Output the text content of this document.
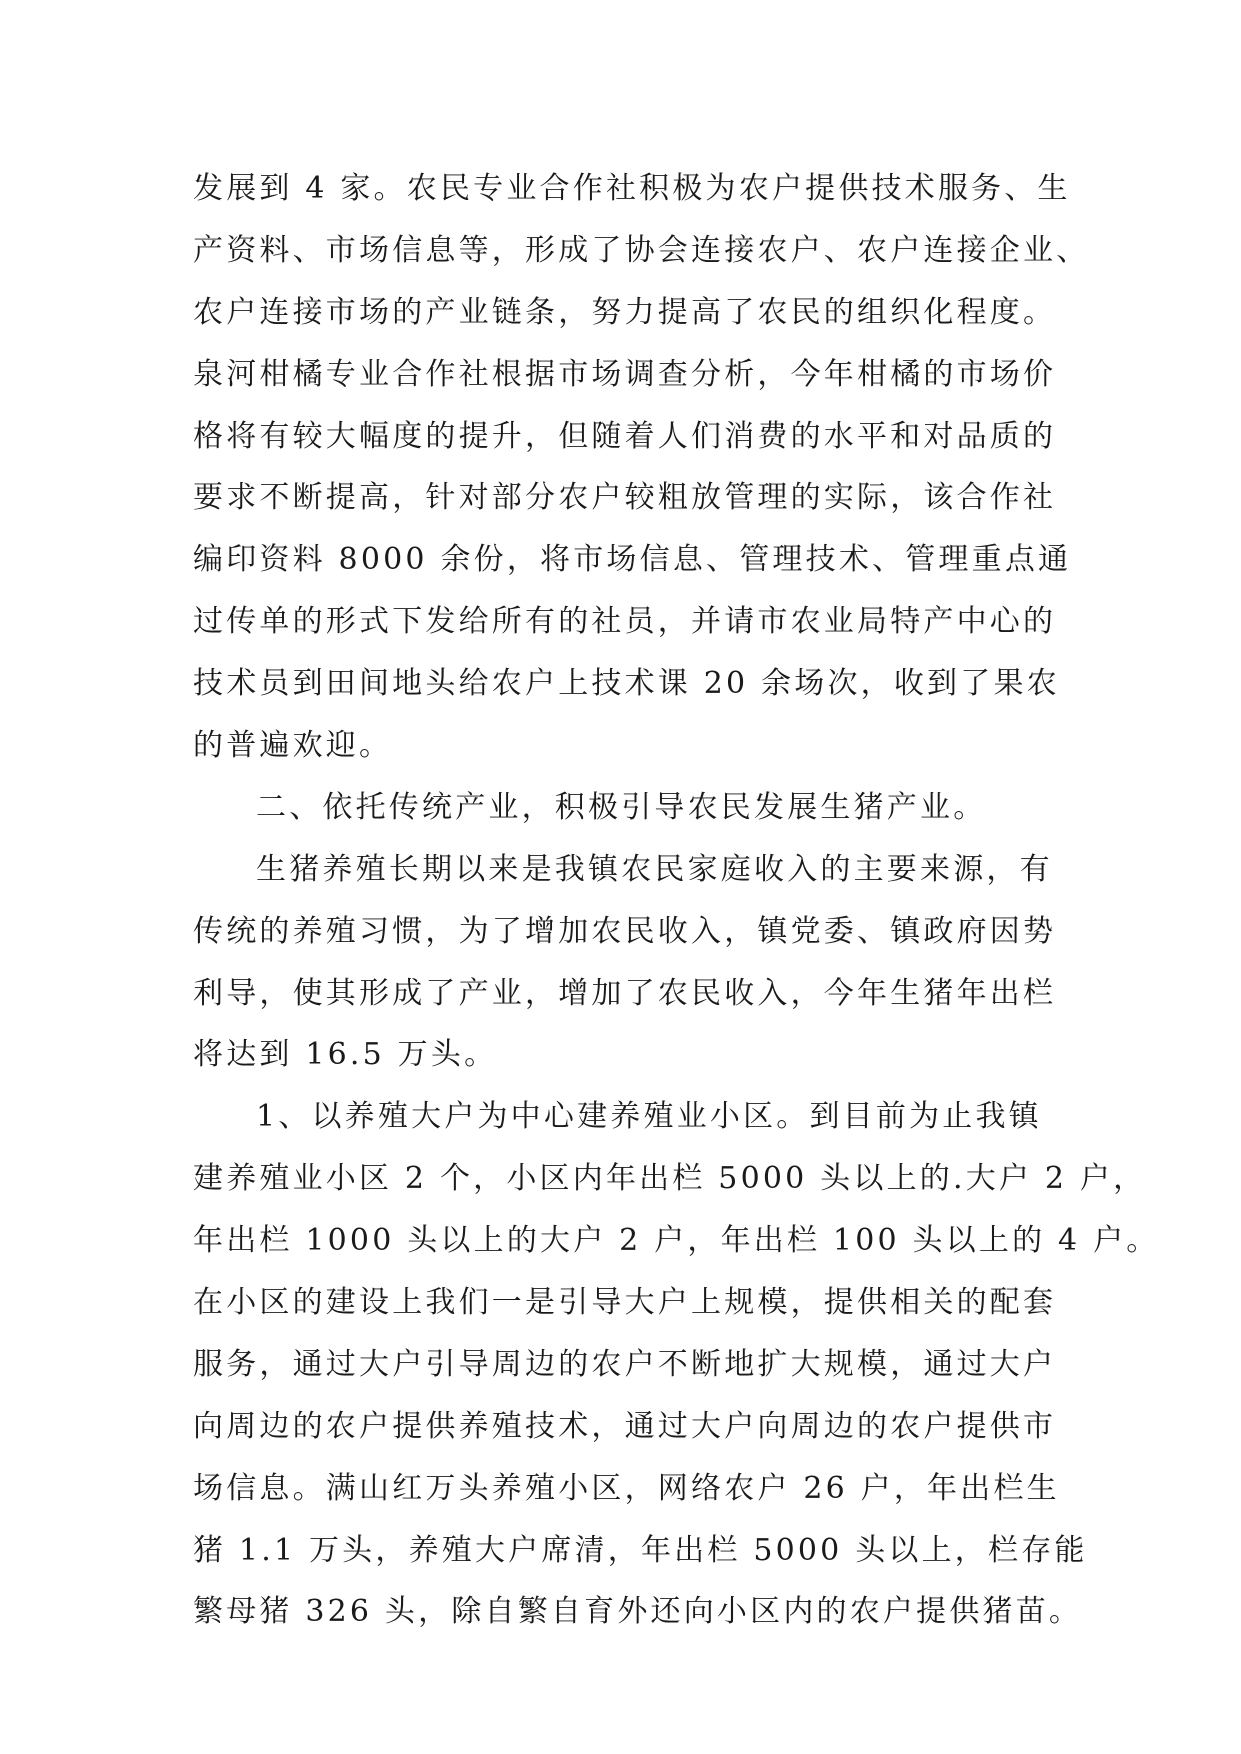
发展到 4 家。农民专业合作社积极为农户提供技术服务、生
产资料、市场信息等，形成了协会连接农户、农户连接企业、
农户连接市场的产业链条，努力提高了农民的组织化程度。
泉河柑橘专业合作社根据市场调查分析，今年柑橘的市场价
格将有较大幅度的提升，但随着人们消费的水平和对品质的
要求不断提高，针对部分农户较粗放管理的实际，该合作社
编印资料 8000 余份，将市场信息、管理技术、管理重点通
过传单的形式下发给所有的社员，并请市农业局特产中心的
技术员到田间地头给农户上技术课 20 余场次，收到了果农
的普遍欢迎。
二、依托传统产业，积极引导农民发展生猪产业。
生猪养殖长期以来是我镇农民家庭收入的主要来源，有
传统的养殖习惯，为了增加农民收入，镇党委、镇政府因势
利导，使其形成了产业，增加了农民收入，今年生猪年出栏
将达到 16.5 万头。
1、以养殖大户为中心建养殖业小区。到目前为止我镇
建养殖业小区 2 个，小区内年出栏 5000 头以上的.大户 2 户，
年出栏 1000 头以上的大户 2 户，年出栏 100 头以上的 4 户。
在小区的建设上我们一是引导大户上规模，提供相关的配套
服务，通过大户引导周边的农户不断地扩大规模，通过大户
向周边的农户提供养殖技术，通过大户向周边的农户提供市
场信息。满山红万头养殖小区，网络农户 26 户，年出栏生
猪 1.1 万头，养殖大户席清，年出栏 5000 头以上，栏存能
繁母猪 326 头，除自繁自育外还向小区内的农户提供猪苗。
